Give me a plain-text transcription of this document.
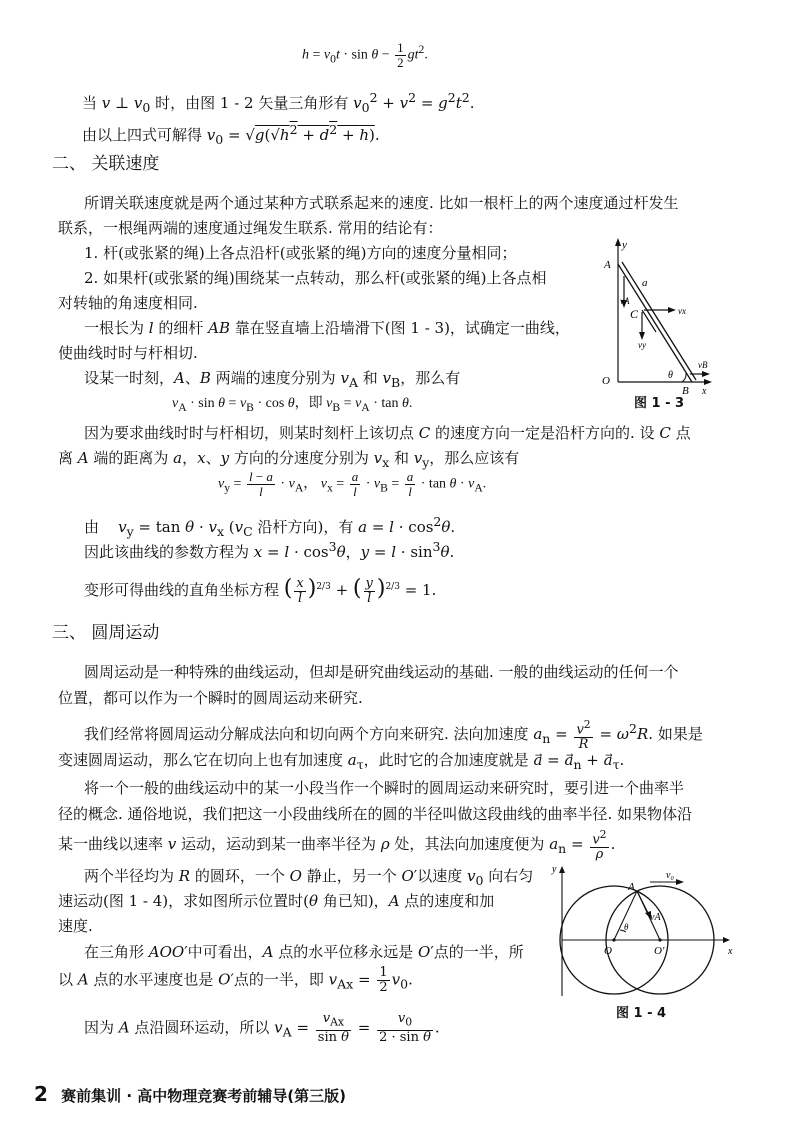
$h = v_0t \cdot \sin \theta - \frac{1}{2} gt^2$.
当 v ⊥ $v_0$ 时，由图 1 - 2 矢量三角形有 $v_0^2 + v^2 = g^2t^2$.
由以上四式可解得 $v_0 = √g(√h^2 + d^2 + h)$.
二、 关联速度
所谓关联速度就是两个通过某种方式联系起来的速度. 比如一根杆上的两个速度通过杆发生
联系，一根绳两端的速度通过绳发生联系. 常用的结论有：
1. 杆(或张紧的绳)上各点沿杆(或张紧的绳)方向的速度分量相同；
2. 如果杆(或张紧的绳)围绕某一点转动，那么杆(或张紧的绳)上各点相
对转轴的角速度相同.
一根长为 l 的细杆 AB 靠在竖直墙上沿墙滑下(图 1 - 3)，试确定一曲线，
使曲线时时与杆相切.
设某一时刻，A、B 两端的速度分别为 $v_A$ 和 $v_B$，那么有
$v_A \cdot \sin \theta = v_B \cdot \cos \theta$，即 $v_B = v_A \cdot \tan \theta$.
因为要求曲线时时与杆相切，则某时刻杆上该切点 C 的速度方向一定是沿杆方向的. 设 C 点
离 A 端的距离为 a，x、y 方向的分速度分别为 $v_x$ 和 $v_y$，那么应该有
$v_y = \frac{l - a}{l} \cdot v_A$， $v_x = \frac{a}{l} \cdot v_B = \frac{a}{l} \cdot \tan \theta \cdot v_A$.
由    $v_y = \tan \theta \cdot v_x$ ($v_C$ 沿杆方向)，有 $a = l \cdot \cos^2\theta$.
因此该曲线的参数方程为 $x = l \cdot \cos^3\theta$，$y = l \cdot \sin^3\theta$.
变形可得曲线的直角坐标方程 ( $\frac{x}{l} )^{2/3}$ + ( $\frac{y}{l} )^{2/3} = 1$.
y
A
a
C
vA
vx
vy
vB
θ
B x
O
图 1 - 3
三、 圆周运动
圆周运动是一种特殊的曲线运动，但却是研究曲线运动的基础. 一般的曲线运动的任何一个
位置，都可以作为一个瞬时的圆周运动来研究.
我们经常将圆周运动分解成法向和切向两个方向来研究. 法向加速度 $a_n = \frac{v^2}{R} = \omega^2R$. 如果是
变速圆周运动，那么它在切向上也有加速度 $a_\tau$，此时它的合加速度就是 a⃗ = $a_n + a_\tau$.
将一个一般的曲线运动中的某一小段当作一个瞬时的圆周运动来研究时，要引进一个曲率半
径的概念. 通俗地说，我们把这一小段曲线所在的圆的半径叫做这段曲线的曲率半径. 如果物体沿
某一曲线以速率 v 运动，运动到某一曲率半径为 ρ 处，其法向加速度便为 $a_n = \frac{v^2}{\rho}$ .
两个半径均为 R 的圆环，一个 O 静止，另一个 O′以速度 $v_0$ 向右匀
速运动(图 1 - 4)，求如图所示位置时(θ 角已知)，A 点的速度和加
速度.
在三角形 AOO′中可看出，A 点的水平位移永远是 O′点的一半，所
以 A 点的水平速度也是 O′点的一半，即 $v_{Ax} = \frac{1}{2} v_0$.
因为 A 点沿圆环运动，所以 $v_A = \frac{v_{Ax}}{\text{sin θ}} = \frac{v_0}{\text{2 · sin θ}}$ .
y
A
v₀
vA
θ
O	O′	x
图 1 - 4
2 赛前集训 · 高中物理竞赛考前辅导(第三版)
